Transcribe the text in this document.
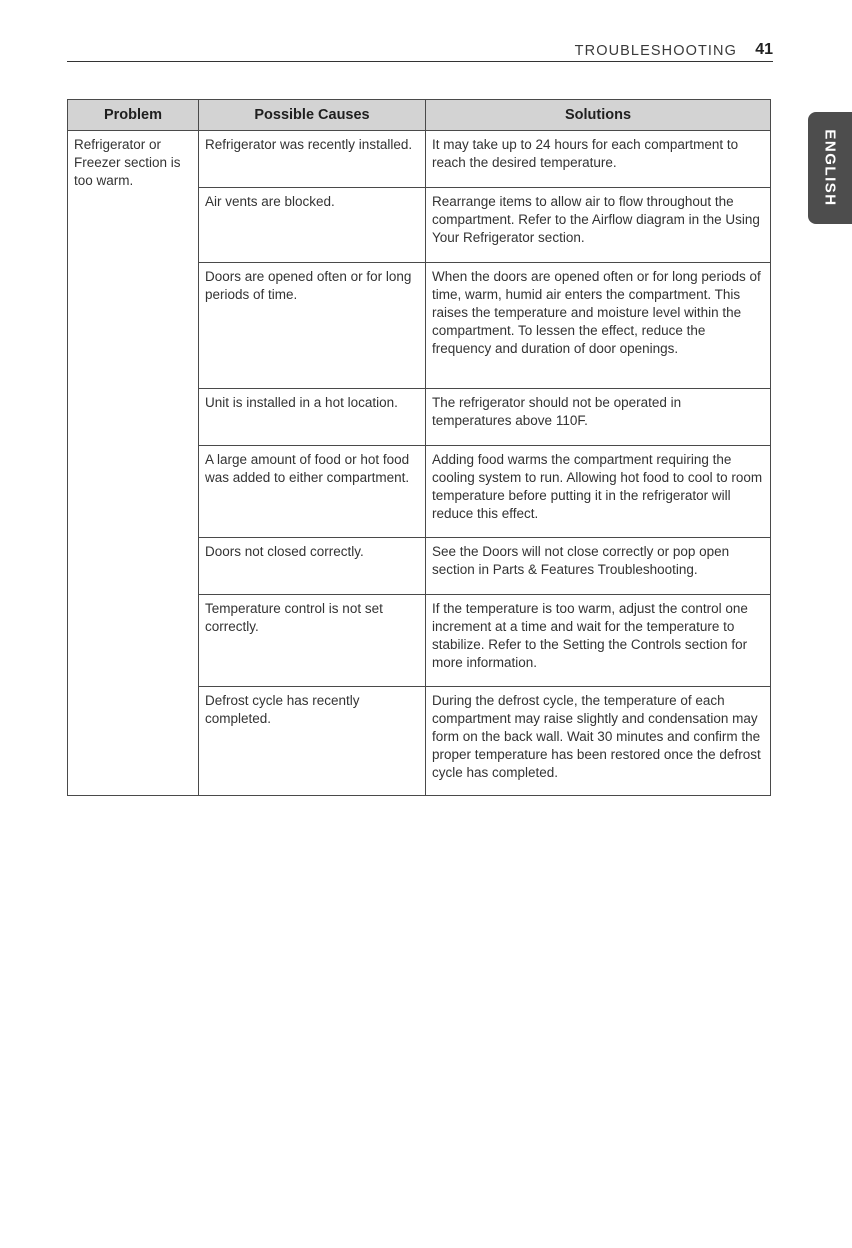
TROUBLESHOOTING 41
ENGLISH
Problem	Possible Causes	Solutions
Refrigerator or Freezer section is too warm.	Refrigerator was recently installed.	It may take up to 24 hours for each compartment to reach the desired temperature.
	Air vents are blocked.	Rearrange items to allow air to flow throughout the compartment. Refer to the Airflow diagram in the Using Your Refrigerator section.
	Doors are opened often or for long periods of time.	When the doors are opened often or for long periods of time, warm, humid air enters the compartment. This raises the temperature and moisture level within the compartment. To lessen the effect, reduce the frequency and duration of door openings.
	Unit is installed in a hot location.	The refrigerator should not be operated in temperatures above 110F.
	A large amount of food or hot food was added to either compartment.	Adding food warms the compartment requiring the cooling system to run. Allowing hot food to cool to room temperature before putting it in the refrigerator will reduce this effect.
	Doors not closed correctly.	See the Doors will not close correctly or pop open section in Parts & Features Troubleshooting.
	Temperature control is not set correctly.	If the temperature is too warm, adjust the control one increment at a time and wait for the temperature to stabilize. Refer to the Setting the Controls section for more information.
	Defrost cycle has recently completed.	During the defrost cycle, the temperature of each compartment may raise slightly and condensation may form on the back wall. Wait 30 minutes and confirm the proper temperature has been restored once the defrost cycle has completed.
